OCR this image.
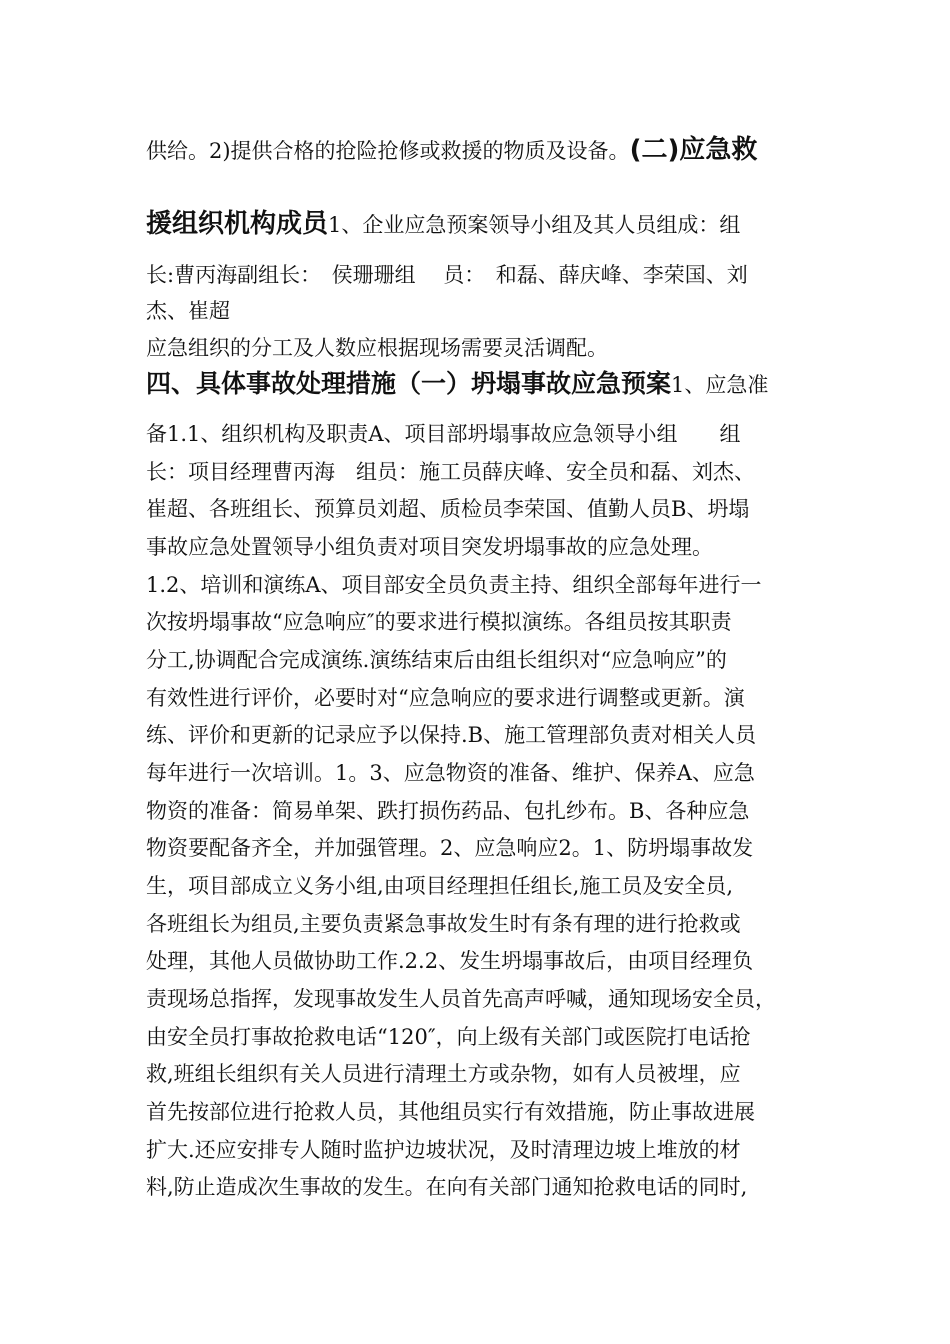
供给。2)提供合格的抢险抢修或救援的物质及设备。(二)应急救
援组织机构成员1、企业应急预案领导小组及其人员组成：组
长:曹丙海副组长：　侯珊珊组　 员：　和磊、薛庆峰、李荣国、刘
杰、崔超
应急组织的分工及人数应根据现场需要灵活调配。
四、具体事故处理措施（一）坍塌事故应急预案1、应急准
备1.1、组织机构及职责A、项目部坍塌事故应急领导小组　　组
长：项目经理曹丙海　组员：施工员薛庆峰、安全员和磊、刘杰、
崔超、各班组长、预算员刘超、质检员李荣国、值勤人员B、坍塌
事故应急处置领导小组负责对项目突发坍塌事故的应急处理。
1.2、培训和演练A、项目部安全员负责主持、组织全部每年进行一
次按坍塌事故“应急响应″的要求进行模拟演练。各组员按其职责
分工,协调配合完成演练.演练结束后由组长组织对“应急响应”的
有效性进行评价，必要时对“应急响应的要求进行调整或更新。演
练、评价和更新的记录应予以保持.B、施工管理部负责对相关人员
每年进行一次培训。1。3、应急物资的准备、维护、保养A、应急
物资的准备：简易单架、跌打损伤药品、包扎纱布。B、各种应急
物资要配备齐全，并加强管理。2、应急响应2。1、防坍塌事故发
生，项目部成立义务小组,由项目经理担任组长,施工员及安全员,
各班组长为组员,主要负责紧急事故发生时有条有理的进行抢救或
处理，其他人员做协助工作.2.2、发生坍塌事故后，由项目经理负
责现场总指挥，发现事故发生人员首先高声呼喊，通知现场安全员，
由安全员打事故抢救电话“120″，向上级有关部门或医院打电话抢
救,班组长组织有关人员进行清理土方或杂物，如有人员被埋，应
首先按部位进行抢救人员，其他组员实行有效措施，防止事故进展
扩大.还应安排专人随时监护边坡状况，及时清理边坡上堆放的材
料,防止造成次生事故的发生。在向有关部门通知抢救电话的同时,
